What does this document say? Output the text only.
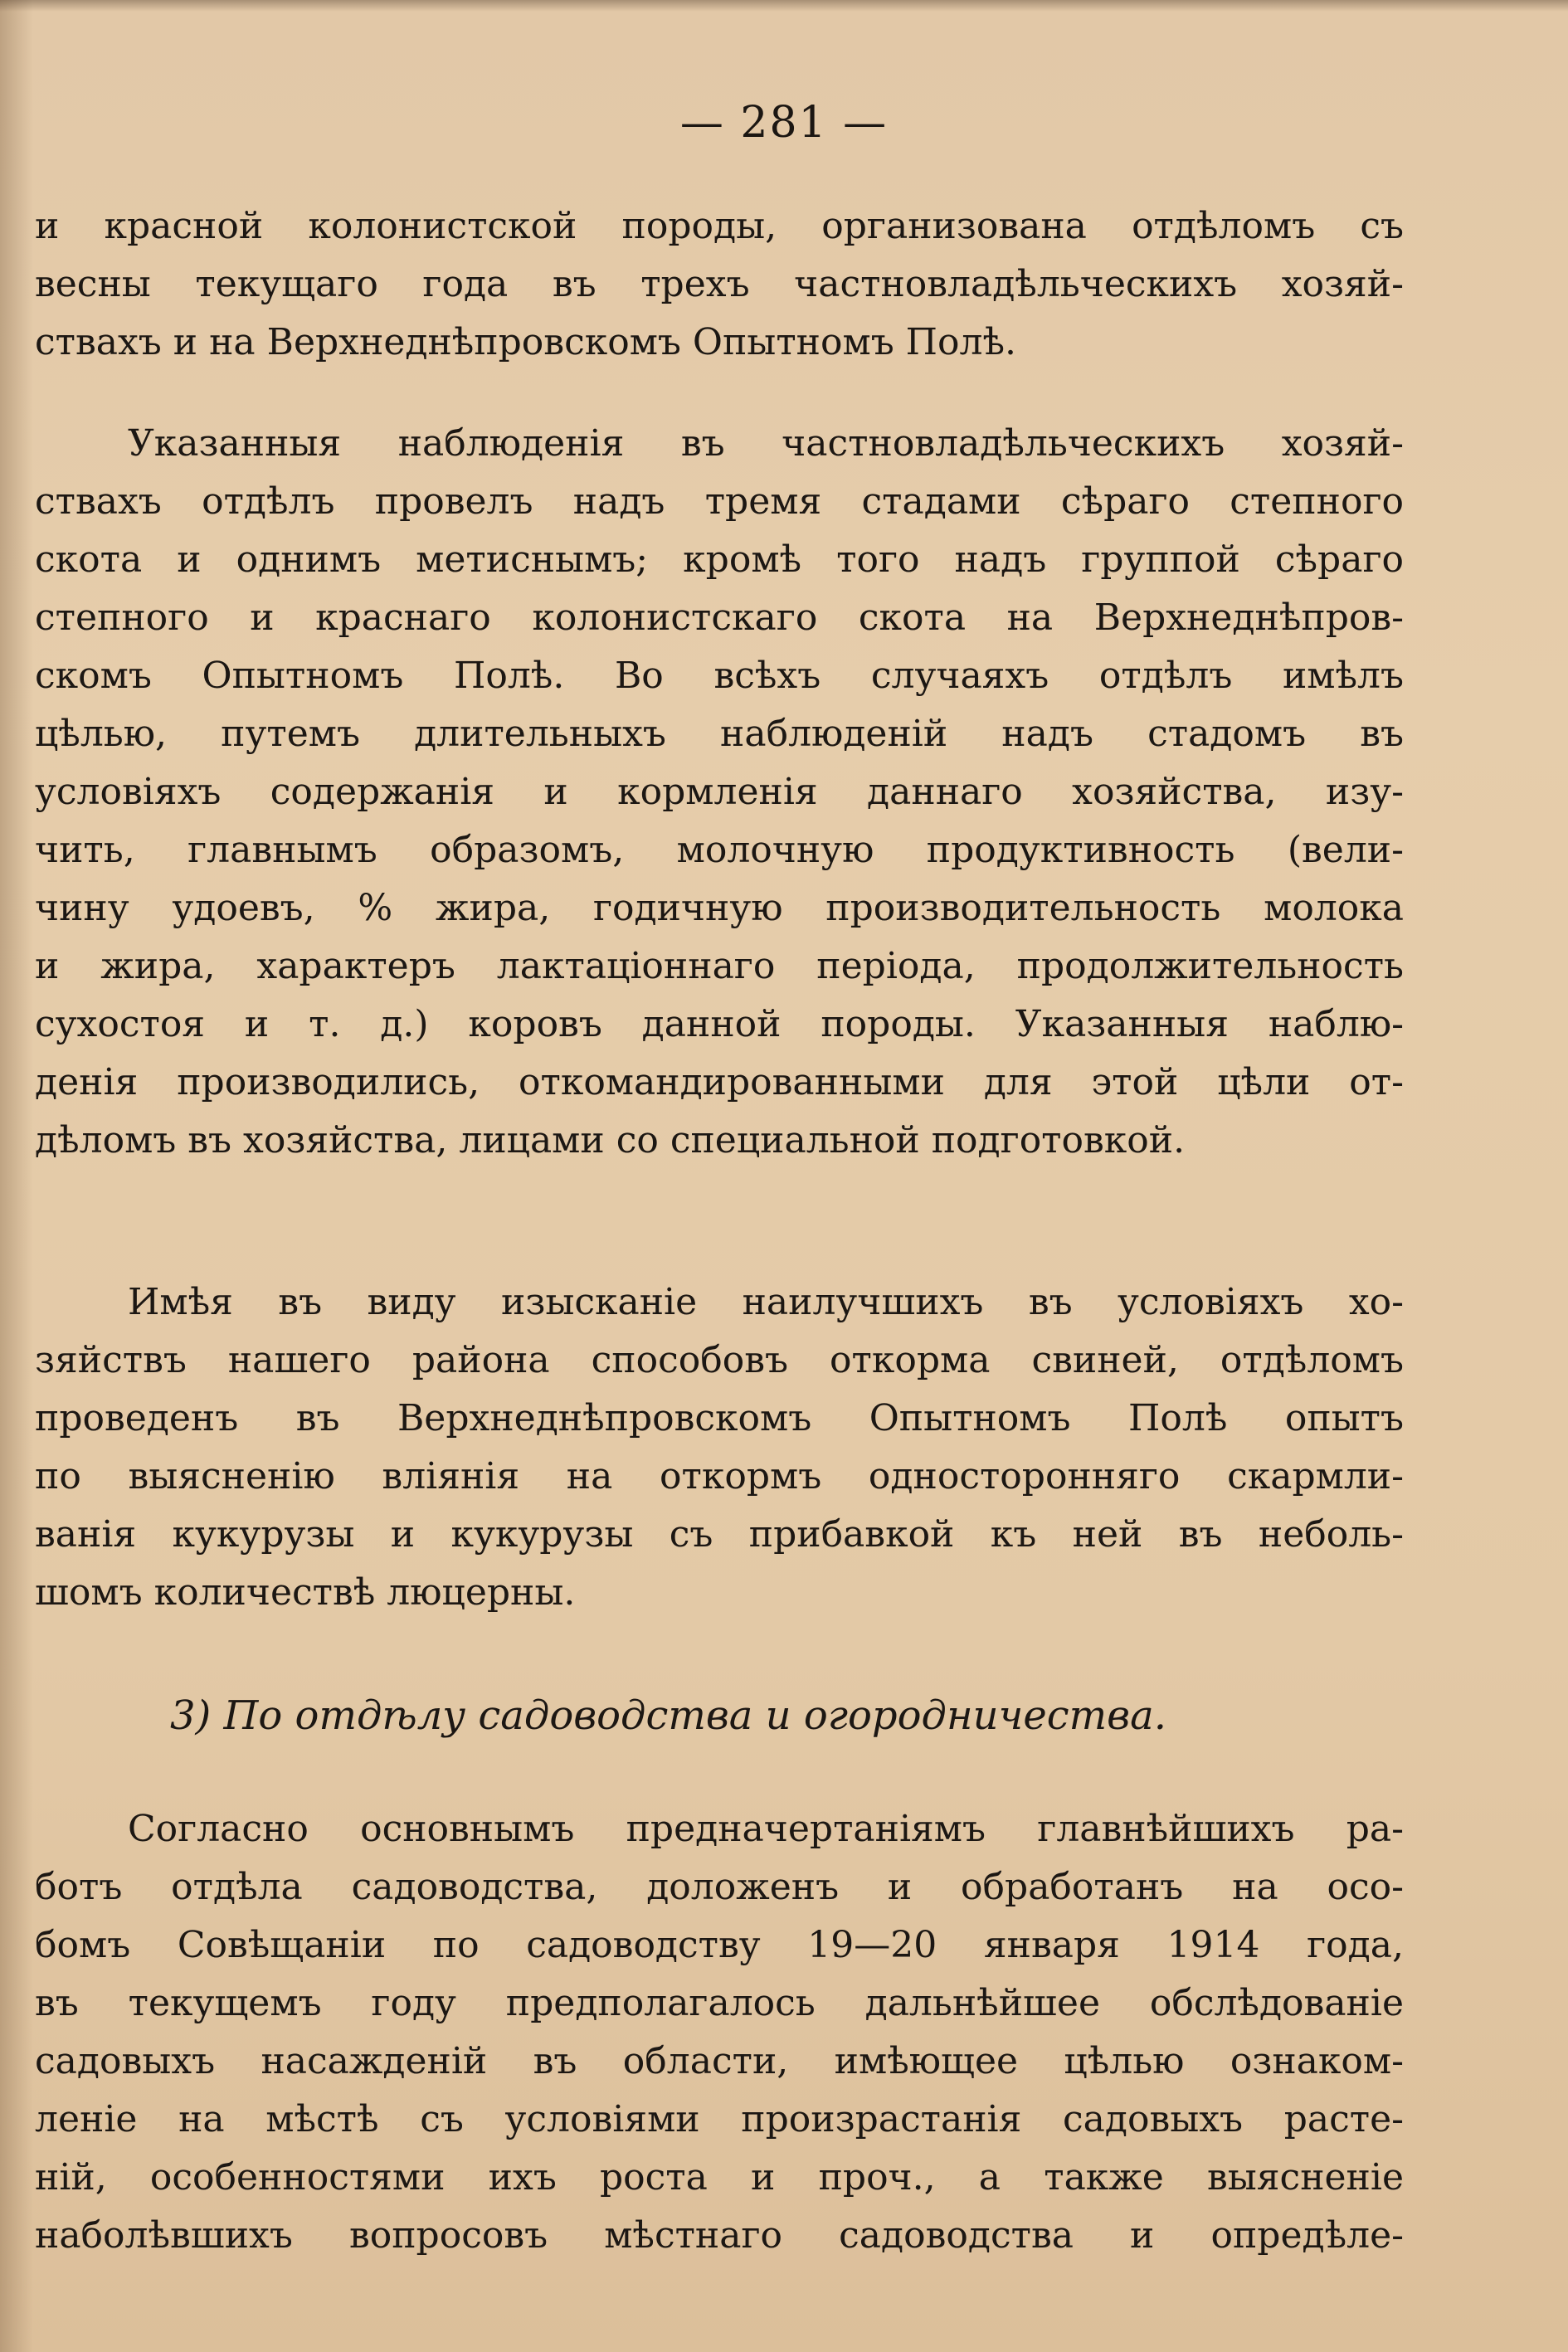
— 281 —
и красной колонистской породы, организована отдѣломъ съ
весны текущаго года въ трехъ частновладѣльческихъ хозяй-
ствахъ и на Верхнеднѣпровскомъ Опытномъ Полѣ.
Указанныя наблюденія въ частновладѣльческихъ хозяй-
ствахъ отдѣлъ провелъ надъ тремя стадами сѣраго степного
скота и однимъ метиснымъ; кромѣ того надъ группой сѣраго
степного и краснаго колонистскаго скота на Верхнеднѣпров-
скомъ Опытномъ Полѣ. Во всѣхъ случаяхъ отдѣлъ имѣлъ
цѣлью, путемъ длительныхъ наблюденій надъ стадомъ въ
условіяхъ содержанія и кормленія даннаго хозяйства, изу-
чить, главнымъ образомъ, молочную продуктивность (вели-
чину удоевъ, % жира, годичную производительность молока
и жира, характеръ лактаціоннаго періода, продолжительность
сухостоя и т. д.) коровъ данной породы. Указанныя наблю-
денія производились, откомандированными для этой цѣли от-
дѣломъ въ хозяйства, лицами со специальной подготовкой.
Имѣя въ виду изысканіе наилучшихъ въ условіяхъ хо-
зяйствъ нашего района способовъ откорма свиней, отдѣломъ
проведенъ въ Верхнеднѣпровскомъ Опытномъ Полѣ опытъ
по выясненію вліянія на откормъ односторонняго скармли-
ванія кукурузы и кукурузы съ прибавкой къ ней въ неболь-
шомъ количествѣ люцерны.
3) По отдѣлу садоводства и огородничества.
Согласно основнымъ предначертаніямъ главнѣйшихъ ра-
ботъ отдѣла садоводства, доложенъ и обработанъ на осо-
бомъ Совѣщаніи по садоводству 19—20 января 1914 года,
въ текущемъ году предполагалось дальнѣйшее обслѣдованіе
садовыхъ насажденій въ области, имѣющее цѣлью ознаком-
леніе на мѣстѣ съ условіями произрастанія садовыхъ расте-
ній, особенностями ихъ роста и проч., а также выясненіе
наболѣвшихъ вопросовъ мѣстнаго садоводства и опредѣле-
